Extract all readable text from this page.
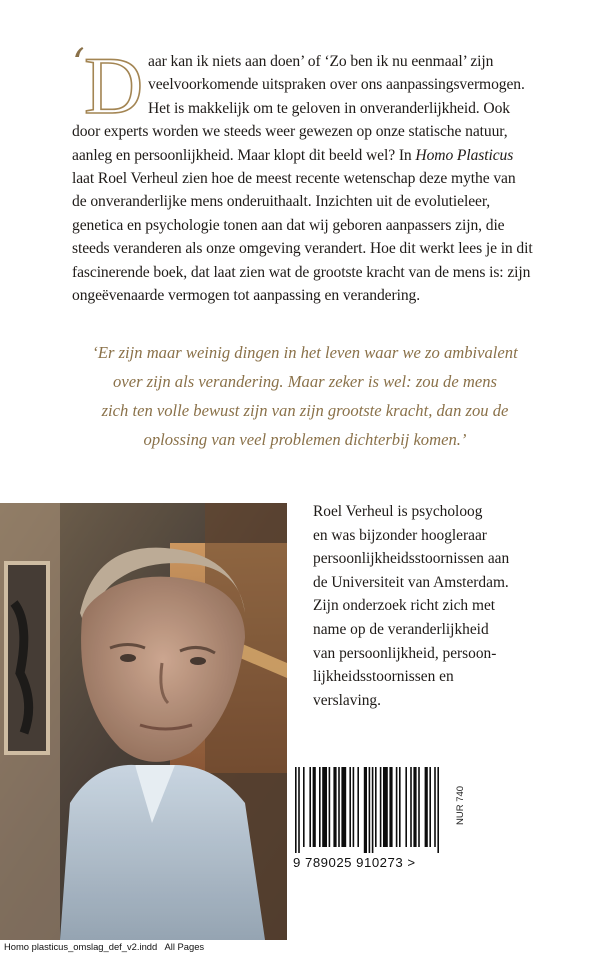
‘ D aar kan ik niets aan doen’ of ‘Zo ben ik nu eenmaal’ zijn
veelvoorkomende uitspraken over ons aanpassingsvermogen.
Het is makkelijk om te geloven in onveranderlijkheid. Ook
door experts worden we steeds weer gewezen op onze statische natuur,
aanleg en persoonlijkheid. Maar klopt dit beeld wel? In Homo Plasticus
laat Roel Verheul zien hoe de meest recente wetenschap deze mythe van
de onveranderlijke mens onderuithaalt. Inzichten uit de evolutieleer,
genetica en psychologie tonen aan dat wij geboren aanpassers zijn, die
steeds veranderen als onze omgeving verandert. Hoe dit werkt lees je in dit
fascinerende boek, dat laat zien wat de grootste kracht van de mens is: zijn
ongeëvenaarde vermogen tot aanpassing en verandering.
‘Er zijn maar weinig dingen in het leven waar we zo ambivalent
over zijn als verandering. Maar zeker is wel: zou de mens
zich ten volle bewust zijn van zijn grootste kracht, dan zou de
oplossing van veel problemen dichterbij komen.’
Roel Verheul is psycholoog
en was bijzonder hoogleraar
persoonlijkheidsstoornissen aan
de Universiteit van Amsterdam.
Zijn onderzoek richt zich met
name op de veranderlijkheid
van persoonlijkheid, persoon-
lijkheidsstoornissen en
verslaving.
9 789025 910273 >
NUR 740
Homo plasticus_omslag_def_v2.indd   All Pages
